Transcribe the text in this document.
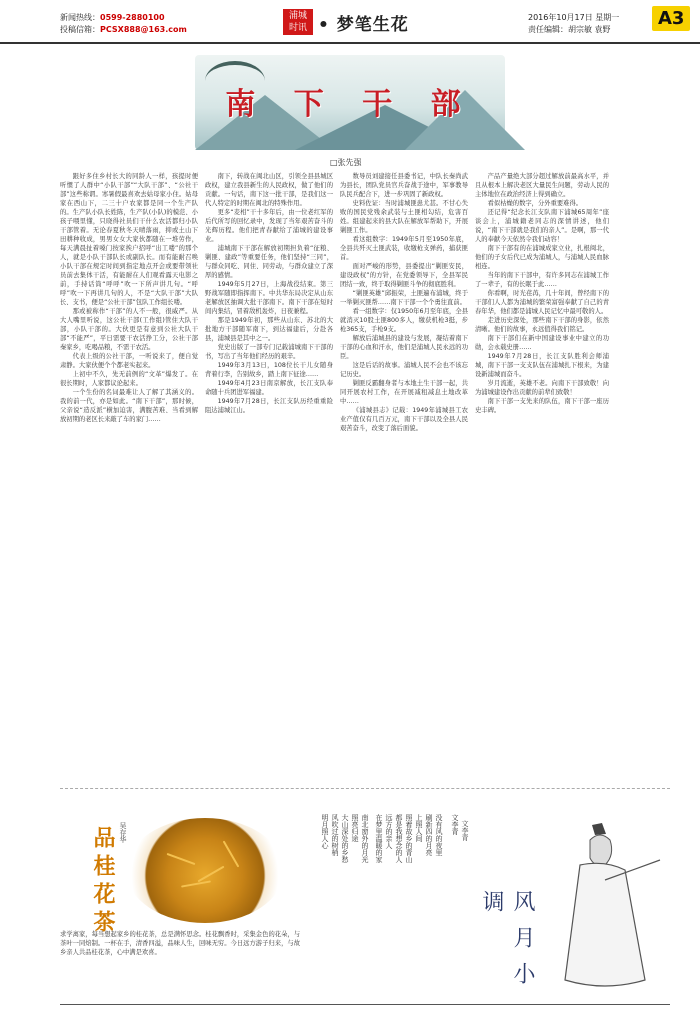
新闻热线：0599-2880100
投稿信箱：PCSX888@163.com
浦城
时讯 • 梦笔生花	2016年10月17日 星期一
责任编辑：胡宗敏 袁野
A3
南 下 干 部
□张先强

跟好多住乡村长大的同龄人一样，孩提时便听惯了人群中“小队干部”“大队干部”、“公社干部”这些称谓。寒暑假最喜欢去姑母家小住。姑母家在西山下，二三十户农家都是同一个生产队的。生产队小队长姓陈，生产队(小队)的模范、小孩子喂里懂，只晓得社员们干什么农活都归小队干部管着。无论春夏秋冬天晴落雨，抑或土山下田耕种收成，男男女女大家伙都随在一堆劳作，每天满晨扯着嗓门按家挨户招呼“出工喽”的那个人，就是小队干部队长或副队长。而有能耐召唤小队干部在规定时间到指定地点开会或要带领社员前去集体干活，有能耐在人们观看露天电影之前，手持话筒“呼呼”吹一下所声讲几句。“呼呼”吹一下再讲几句的人，不是“大队干部”大队长、支书，便是“公社干部”包队工作组长喽。

那或被称作“干部”的人不一般，很威严。从大人嘴里听说，这公社干部(工作组)管住大队干部，小队干部的。大伙更是有意到公社大队干部“不能严”，平日需要干农活挣工分，公社干部秦家乡，吃喝品粮，不需干农活。

代表上级的公社干部，一听说来了，便自觉肃静。大家伙便个个都老实起来。

上初中不久，先无前例的“文革”爆发了。在很长期时，人家都议论起来。

一个生份的名词最难让人了解了其涵义的。我的前一代，亦是如此。“南下干部”，那时候，父亲说“造反派”横加迫害，满腹苦难、当看到解放初期的老区长来敲了车的家门……

南下，转战在闽北山区，引领全县县城区政权，建立我县新生的人民政权，做了他们的贡献。一句话，南下这一批干部，是我们这一代人特定的时期在闽北的特殊作用。

更多“麦相”干十多年后，由一位老红军的后代所写的回忆录中，发现了当年艰苦奋斗的光辉历程。他们把青春献给了浦城的建设事业。

浦城南下干部在解放初期担负着“征粮、剿匪、建政”等重要任务，他们坚持“三同”，与群众同吃、同住、同劳动，与群众建立了深厚的感情。

1949年5月27日，上海战役结束。第三野战军随即指挥南下。中共华东局决定从山东老解放区抽调大批干部南下。南下干部在短时间内集结，冒着敌机轰炸，日夜兼程。

那是1949年初，那些从山东、苏北的大批地方干部随军南下，到达福建后，分赴各县，浦城县是其中之一。

党史出版了一部专门记载浦城南下干部的书，写出了当年他们经历的艰辛。

1949年3月13日，108位长干儿女随身背着行李，告别故乡，踏上南下征途……

1949年4月23日南京解放，长江支队奉命随十兵团进军福建。

1949年7月28日，长江支队历经重重险阻达浦城江山。

数导员刘建接任县委书记，中队长秦尚武为县长，团队党员官兵奋战于途中，军事教导队民兵配合下，进一步巩固了新政权。

史料佐证：当时浦城匪患尤甚。不甘心失败的国民党残余武装与土匪相勾结，危害百姓。组建起来的县大队在解放军帮助下，开展剿匪工作。

看这组数字：1949年5月至1950年底，全县共歼灭土匪武装，收缴枪支弹药，捕获匪首。

面对严峻的形势，县委提出“剿匪安民，建设政权”的方针，在党委领导下，全县军民团结一致，终于取得剿匪斗争的彻底胜利。

“剿匪英雄”邱振荣，土匪遍布浦城，终于一举剿灭匪帮……南下干部一个个勇往直前。

看一组数字：仅1950年6月至年底，全县就消灭10股土匪800多人，缴获机枪3挺，步枪365支，手枪9支。

解放后浦城县的建设与发展，凝结着南下干部的心血和汗水，他们是浦城人民永远的功臣。

这是后话的故事。浦城人民不会也不该忘记历史。

剿匪反霸翻身者与本地土生干部一起，共同开展农村工作，在开展减租减息土地改革中……

《浦城县志》记载：1949年浦城县工农业产值仅有几百万元，南下干部以及全县人民艰苦奋斗，改变了落后面貌。

产品产量绝大部分超过解放前最高水平，并且从根本上解决老区大量民生问题，劳动人民的主体地位在政治经济上得到确立。

看似枯燥的数字，分外重要难得。

还记得“纪念长江支队南下浦城65周年”座谈会上，浦城籍老同志的深情讲述，他们说，“南下干部就是我们的亲人”。是啊，那一代人的奉献今天依然令我们动容！

南下干部有的在浦城成家立业，扎根闽北，他们的子女后代已成为浦城人，与浦城人民血脉相连。

当年的南下干部中，有许多同志在浦城工作了一辈子，有的长眠于此……

你看啊，时光荏苒，几十年间，曾经南下的干部们人人都为浦城的繁荣富强奉献了自己的青春年华，他们都是浦城人民记忆中最可敬的人。

走进历史深处，那些南下干部的身影，依然清晰。他们的故事，永远值得我们铭记。

南下干部们在新中国建设事业中建立的功勋，会永载史册……

1949年7月28日，长江支队胜利会师浦城，南下干部一支支队伍在浦城扎下根来，为建设新浦城而奋斗。

岁月流逝，英雄不老。向南下干部致敬！向为浦城建设作出贡献的前辈们致敬！

南下干部一支先来的队伍，南下干部一座历史丰碑。

品桂花茶 吴存华
求学离家，每当想起家乡的桂花茶，总是满怀思念。桂花飘香时，采集金色的花朵，与茶叶一同焙制。一杯在手，清香四溢，品味人生，回味无穷。今日远方游子归来，与故乡亲人共品桂花茶，心中满是欢喜。
文李青
没有风的夜里
刷新四的月亮
上照人间
照着故乡的青山
都是我想念的人
远方的亲人
在梦里温暖的家
南北窗外的月光
照亮归途
大山深处的乡愁
风吹过的树梢
明月照人心
风月小调
文李青
